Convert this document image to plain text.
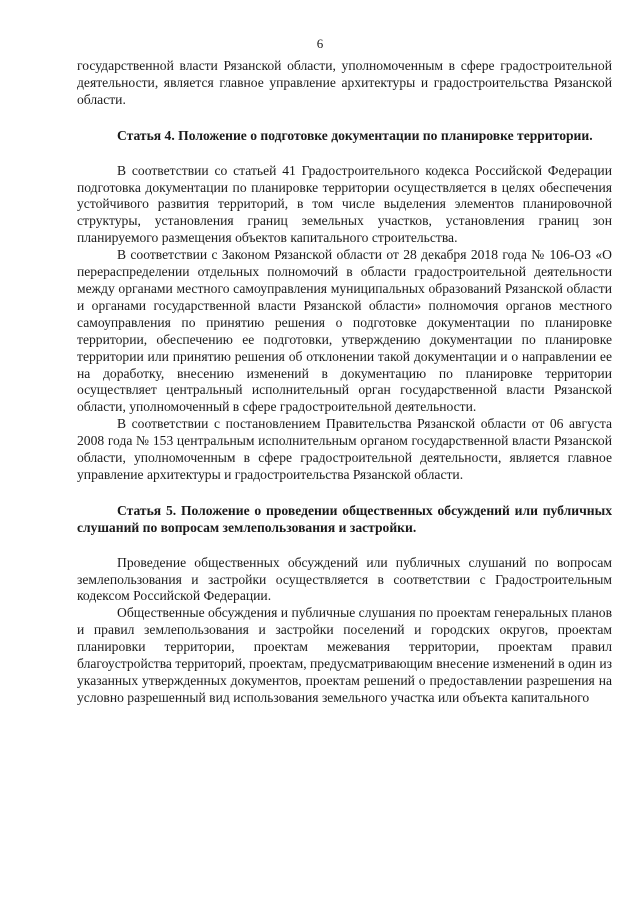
6

государственной власти Рязанской области, уполномоченным в сфере градостроительной деятельности, является главное управление архитектуры и градостроительства Рязанской области.

Статья 4. Положение о подготовке документации по планировке территории.

В соответствии со статьей 41 Градостроительного кодекса Российской Федерации подготовка документации по планировке территории осуществляется в целях обеспечения устойчивого развития территорий, в том числе выделения элементов планировочной структуры, установления границ земельных участков, установления границ зон планируемого размещения объектов капитального строительства.

В соответствии с Законом Рязанской области от 28 декабря 2018 года № 106-ОЗ «О перераспределении отдельных полномочий в области градостроительной деятельности между органами местного самоуправления муниципальных образований Рязанской области и органами государственной власти Рязанской области» полномочия органов местного самоуправления по принятию решения о подготовке документации по планировке территории, обеспечению ее подготовки, утверждению документации по планировке территории или принятию решения об отклонении такой документации и о направлении ее на доработку, внесению изменений в документацию по планировке территории осуществляет центральный исполнительный орган государственной власти Рязанской области, уполномоченный в сфере градостроительной деятельности.

В соответствии с постановлением Правительства Рязанской области от 06 августа 2008 года № 153 центральным исполнительным органом государственной власти Рязанской области, уполномоченным в сфере градостроительной деятельности, является главное управление архитектуры и градостроительства Рязанской области.

Статья 5. Положение о проведении общественных обсуждений или публичных слушаний по вопросам землепользования и застройки.

Проведение общественных обсуждений или публичных слушаний по вопросам землепользования и застройки осуществляется в соответствии с Градостроительным кодексом Российской Федерации.

Общественные обсуждения и публичные слушания по проектам генеральных планов и правил землепользования и застройки поселений и городских округов, проектам планировки территории, проектам межевания территории, проектам правил благоустройства территорий, проектам, предусматривающим внесение изменений в один из указанных утвержденных документов, проектам решений о предоставлении разрешения на условно разрешенный вид использования земельного участка или объекта капитального
